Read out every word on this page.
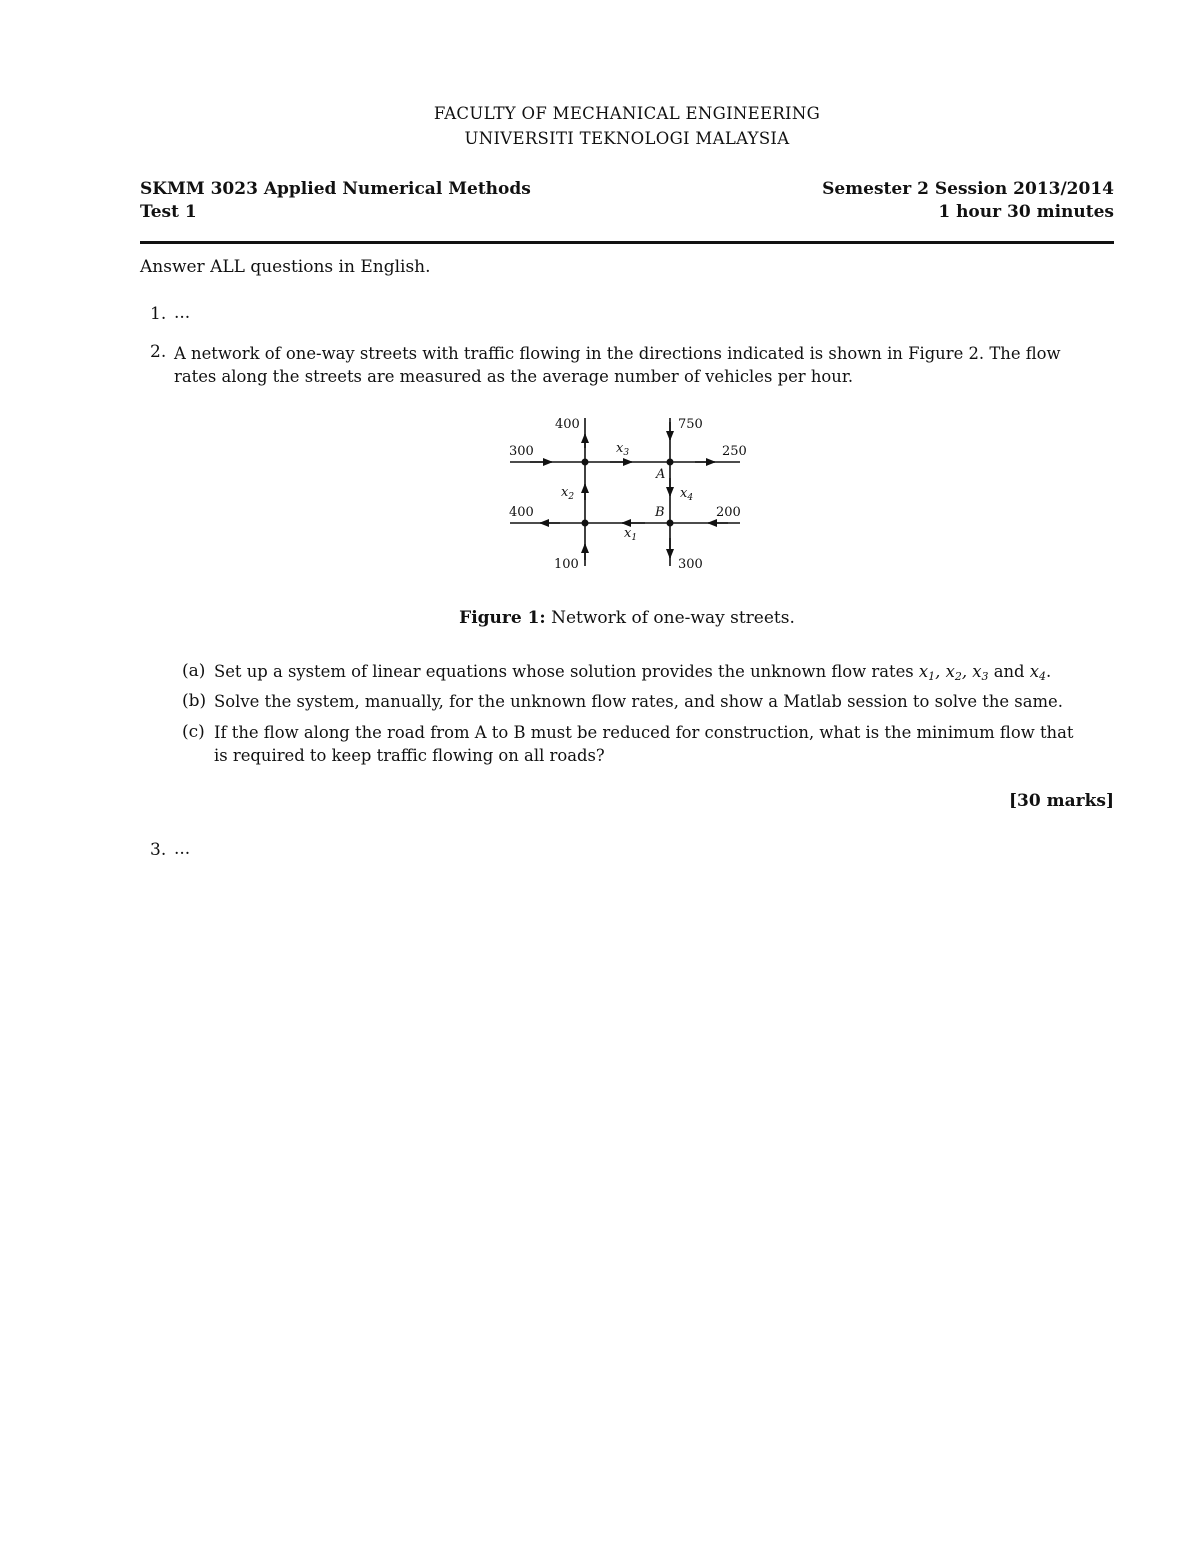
FACULTY OF MECHANICAL ENGINEERING
UNIVERSITI TEKNOLOGI MALAYSIA
SKMM 3023 Applied Numerical Methods
Test 1
Semester 2 Session 2013/2014
1 hour 30 minutes
Answer ALL questions in English.
1. ...
2. A network of one-way streets with traffic flowing in the directions indicated is shown in Figure 2. The flow
rates along the streets are measured as the average number of vehicles per hour.
400	750
300	250
400	200
100	300
$x_3$
$x_2$	$x_4$
$x_1$
A
B
Figure 1: Network of one-way streets.
(a) Set up a system of linear equations whose solution provides the unknown flow rates $x_1$, $x_2$, $x_3$ and $x_4$.
(b) Solve the system, manually, for the unknown flow rates, and show a Matlab session to solve the same.
(c) If the flow along the road from A to B must be reduced for construction, what is the minimum flow that
is required to keep traffic flowing on all roads?
[30 marks]
3. ...
